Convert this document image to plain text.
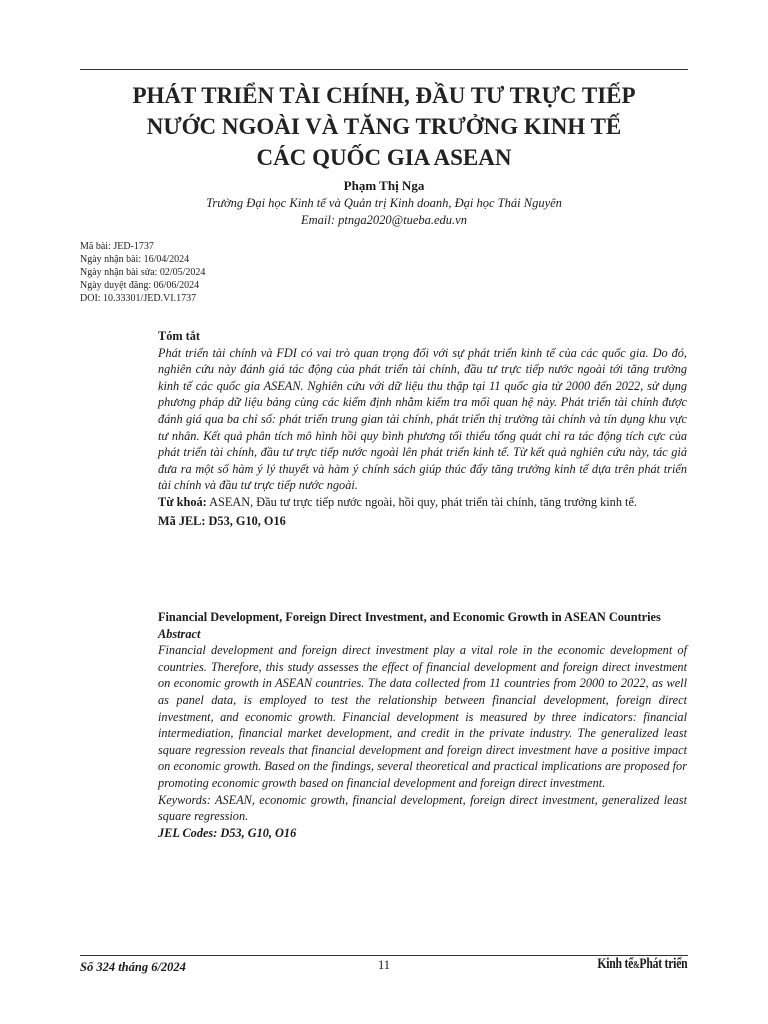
PHÁT TRIỂN TÀI CHÍNH, ĐẦU TƯ TRỰC TIẾP
NƯỚC NGOÀI VÀ TĂNG TRƯỞNG KINH TẾ
CÁC QUỐC GIA ASEAN
Phạm Thị Nga
Trường Đại học Kinh tế và Quản trị Kinh doanh, Đại học Thái Nguyên
Email: ptnga2020@tueba.edu.vn
Mã bài: JED-1737
Ngày nhận bài: 16/04/2024
Ngày nhận bài sửa: 02/05/2024
Ngày duyệt đăng: 06/06/2024
DOI: 10.33301/JED.VI.1737
Tóm tắt
Phát triển tài chính và FDI có vai trò quan trọng đối với sự phát triển kinh tế của các quốc gia. Do đó, nghiên cứu này đánh giá tác động của phát triển tài chính, đầu tư trực tiếp nước ngoài tới tăng trưởng kinh tế các quốc gia ASEAN. Nghiên cứu với dữ liệu thu thập tại 11 quốc gia từ 2000 đến 2022, sử dụng phương pháp dữ liệu bảng cùng các kiểm định nhằm kiểm tra mối quan hệ này. Phát triển tài chính được đánh giá qua ba chỉ số: phát triển trung gian tài chính, phát triển thị trường tài chính và tín dụng khu vực tư nhân. Kết quả phân tích mô hình hồi quy bình phương tối thiểu tổng quát chỉ ra tác động tích cực của phát triển tài chính, đầu tư trực tiếp nước ngoài lên phát triển kinh tế. Từ kết quả nghiên cứu này, tác giả đưa ra một số hàm ý lý thuyết và hàm ý chính sách giúp thúc đẩy tăng trưởng kinh tế dựa trên phát triển tài chính và đầu tư trực tiếp nước ngoài.
Từ khoá: ASEAN, Đầu tư trực tiếp nước ngoài, hồi quy, phát triển tài chính, tăng trưởng kinh tế.
Mã JEL: D53, G10, O16
Financial Development, Foreign Direct Investment, and Economic Growth in ASEAN Countries
Abstract
Financial development and foreign direct investment play a vital role in the economic development of countries. Therefore, this study assesses the effect of financial development and foreign direct investment on economic growth in ASEAN countries. The data collected from 11 countries from 2000 to 2022, as well as panel data, is employed to test the relationship between financial development, foreign direct investment, and economic growth. Financial development is measured by three indicators: financial intermediation, financial market development, and credit in the private industry. The generalized least square regression reveals that financial development and foreign direct investment have a positive impact on economic growth. Based on the findings, several theoretical and practical implications are proposed for promoting economic growth based on financial development and foreign direct investment.
Keywords: ASEAN, economic growth, financial development, foreign direct investment, generalized least square regression.
JEL Codes: D53, G10, O16
Số 324 tháng 6/2024	11	Kinh tế&Phát triển
